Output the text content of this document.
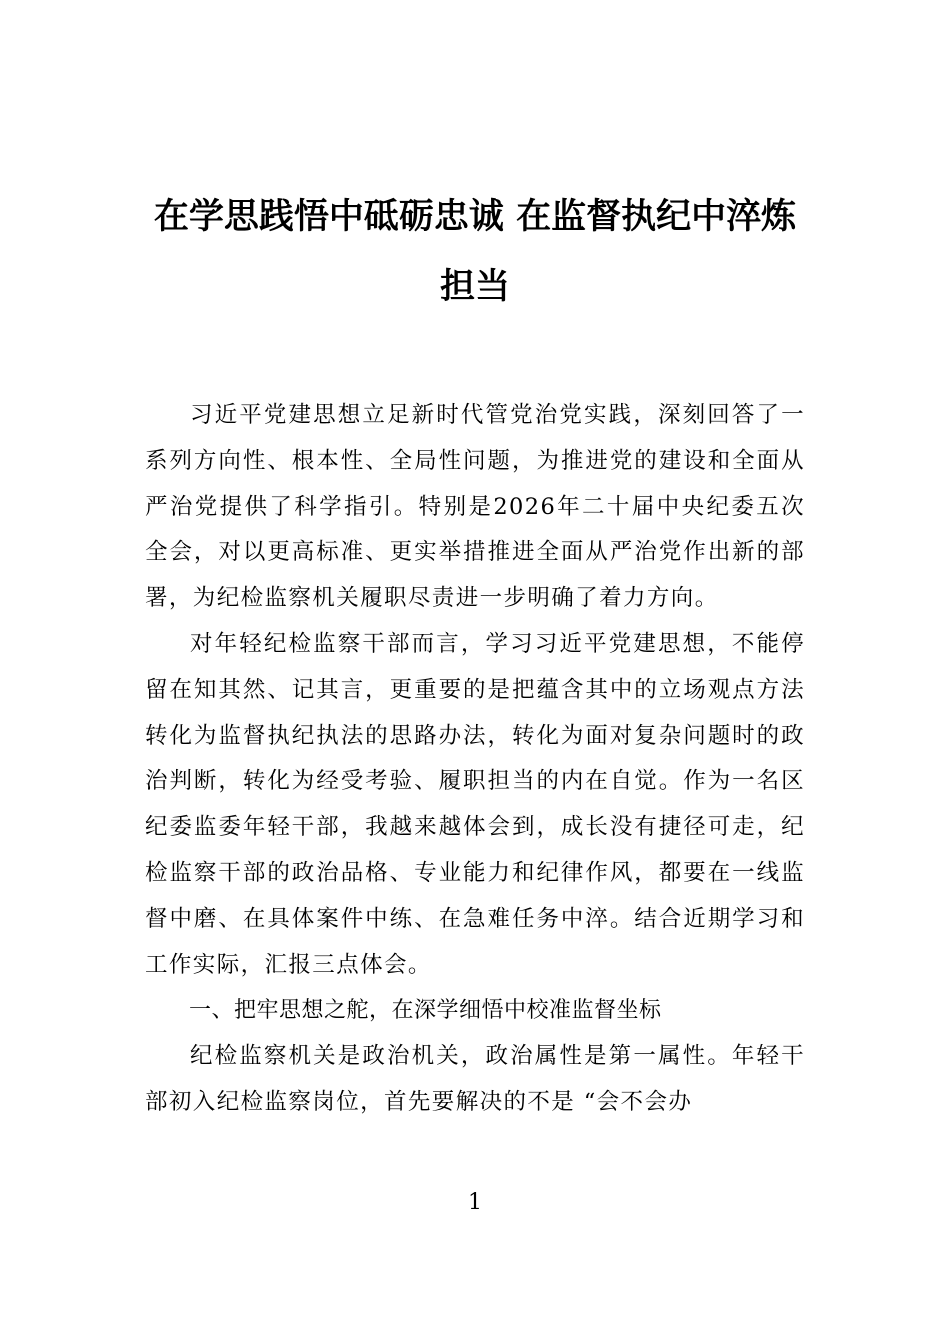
在学思践悟中砥砺忠诚 在监督执纪中淬炼
担当

习近平党建思想立足新时代管党治党实践，深刻回答了一系列方向性、根本性、全局性问题，为推进党的建设和全面从严治党提供了科学指引。特别是2026年二十届中央纪委五次全会，对以更高标准、更实举措推进全面从严治党作出新的部署，为纪检监察机关履职尽责进一步明确了着力方向。

对年轻纪检监察干部而言，学习习近平党建思想，不能停留在知其然、记其言，更重要的是把蕴含其中的立场观点方法转化为监督执纪执法的思路办法，转化为面对复杂问题时的政治判断，转化为经受考验、履职担当的内在自觉。作为一名区纪委监委年轻干部，我越来越体会到，成长没有捷径可走，纪检监察干部的政治品格、专业能力和纪律作风，都要在一线监督中磨、在具体案件中练、在急难任务中淬。结合近期学习和工作实际，汇报三点体会。

一、把牢思想之舵，在深学细悟中校准监督坐标

纪检监察机关是政治机关，政治属性是第一属性。年轻干部初入纪检监察岗位，首先要解决的不是 “会不会办

1
